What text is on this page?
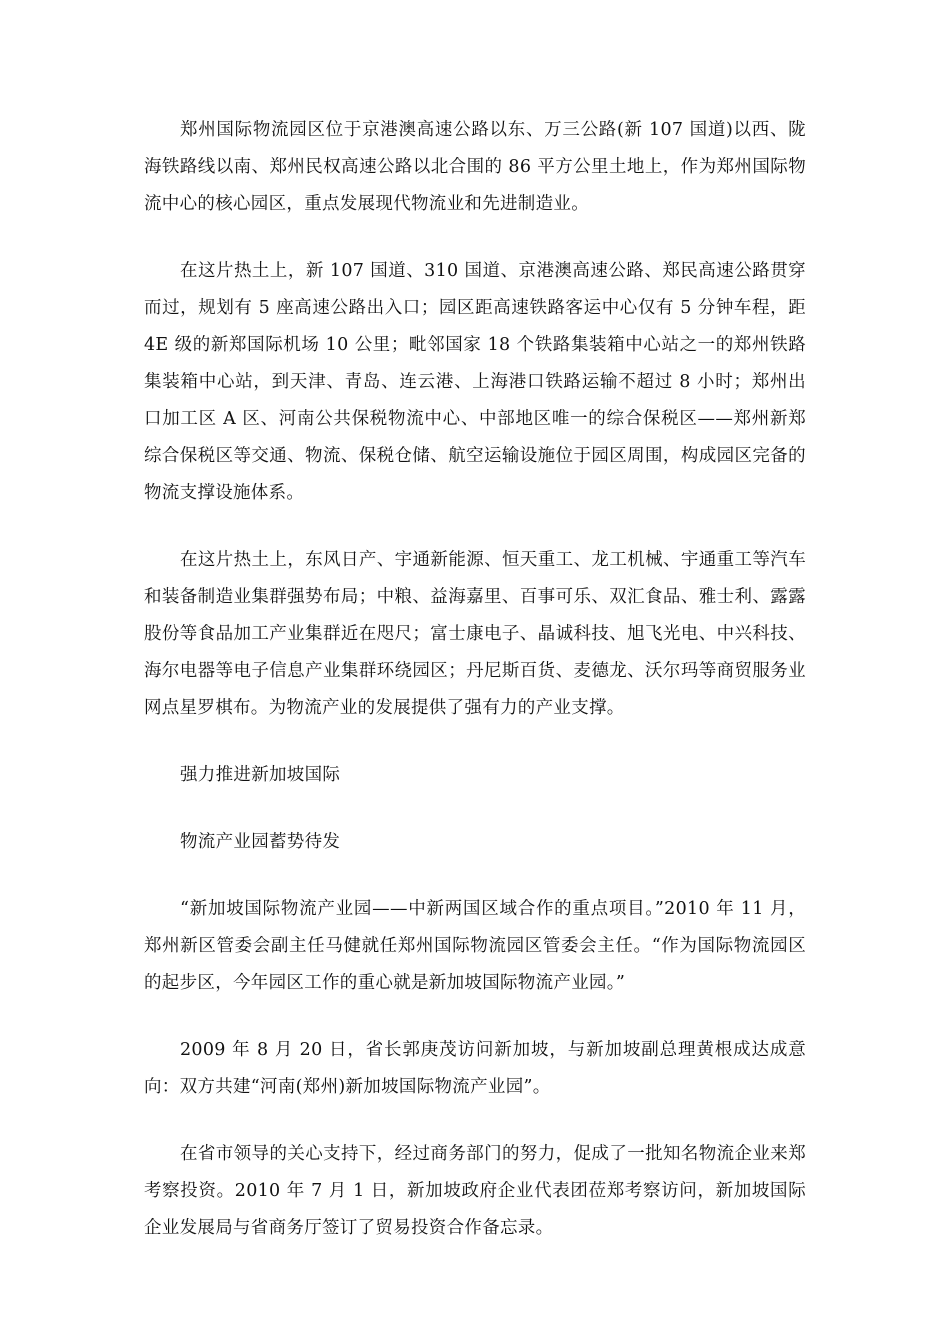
郑州国际物流园区位于京港澳高速公路以东、万三公路(新 107 国道)以西、陇海铁路线以南、郑州民权高速公路以北合围的 86 平方公里土地上，作为郑州国际物流中心的核心园区，重点发展现代物流业和先进制造业。

在这片热土上，新 107 国道、310 国道、京港澳高速公路、郑民高速公路贯穿而过，规划有 5 座高速公路出入口；园区距高速铁路客运中心仅有 5 分钟车程，距 4E 级的新郑国际机场 10 公里；毗邻国家 18 个铁路集装箱中心站之一的郑州铁路集装箱中心站，到天津、青岛、连云港、上海港口铁路运输不超过 8 小时；郑州出口加工区 A 区、河南公共保税物流中心、中部地区唯一的综合保税区——郑州新郑综合保税区等交通、物流、保税仓储、航空运输设施位于园区周围，构成园区完备的物流支撑设施体系。

在这片热土上，东风日产、宇通新能源、恒天重工、龙工机械、宇通重工等汽车和装备制造业集群强势布局；中粮、益海嘉里、百事可乐、双汇食品、雅士利、露露股份等食品加工产业集群近在咫尺；富士康电子、晶诚科技、旭飞光电、中兴科技、海尔电器等电子信息产业集群环绕园区；丹尼斯百货、麦德龙、沃尔玛等商贸服务业网点星罗棋布。为物流产业的发展提供了强有力的产业支撑。

强力推进新加坡国际

物流产业园蓄势待发

“新加坡国际物流产业园——中新两国区域合作的重点项目。”2010 年 11 月，郑州新区管委会副主任马健就任郑州国际物流园区管委会主任。“作为国际物流园区的起步区，今年园区工作的重心就是新加坡国际物流产业园。”

2009 年 8 月 20 日，省长郭庚茂访问新加坡，与新加坡副总理黄根成达成意向：双方共建“河南(郑州)新加坡国际物流产业园”。

在省市领导的关心支持下，经过商务部门的努力，促成了一批知名物流企业来郑考察投资。2010 年 7 月 1 日，新加坡政府企业代表团莅郑考察访问，新加坡国际企业发展局与省商务厅签订了贸易投资合作备忘录。
